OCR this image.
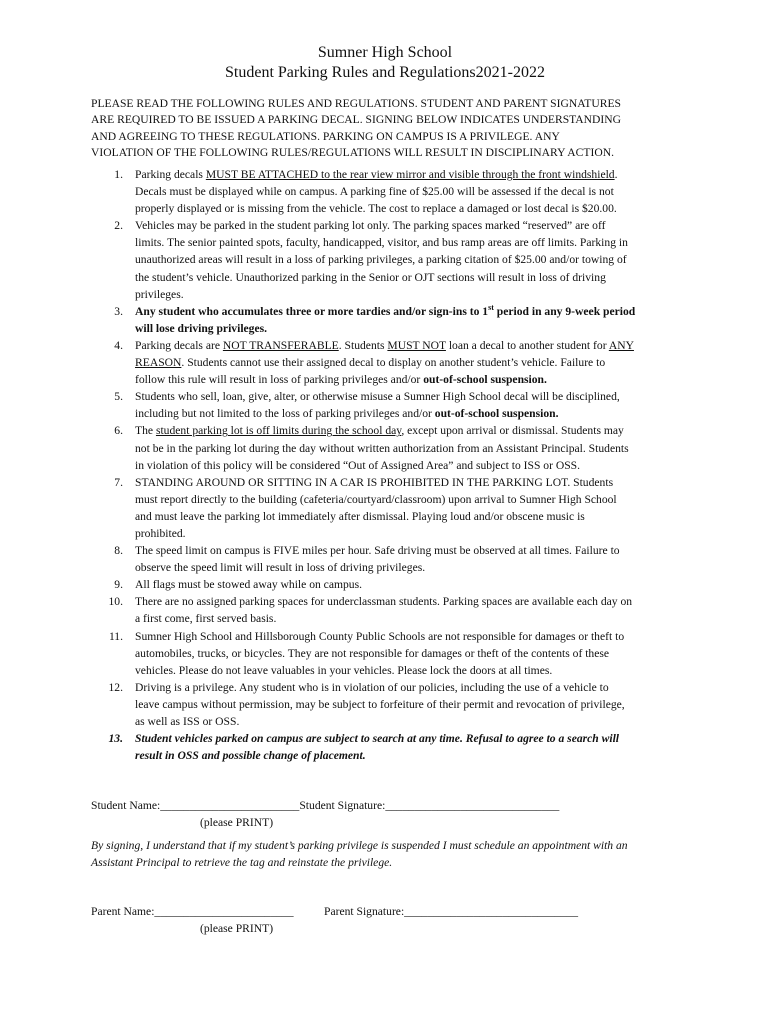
Sumner High School
Student Parking Rules and Regulations2021-2022
PLEASE READ THE FOLLOWING RULES AND REGULATIONS. STUDENT AND PARENT SIGNATURES
ARE REQUIRED TO BE ISSUED A PARKING DECAL. SIGNING BELOW INDICATES UNDERSTANDING
AND AGREEING TO THESE REGULATIONS. PARKING ON CAMPUS IS A PRIVILEGE. ANY
VIOLATION OF THE FOLLOWING RULES/REGULATIONS WILL RESULT IN DISCIPLINARY ACTION.
1. Parking decals MUST BE ATTACHED to the rear view mirror and visible through the front windshield.
Decals must be displayed while on campus. A parking fine of $25.00 will be assessed if the decal is not
properly displayed or is missing from the vehicle. The cost to replace a damaged or lost decal is $20.00.
2. Vehicles may be parked in the student parking lot only. The parking spaces marked “reserved” are off
limits. The senior painted spots, faculty, handicapped, visitor, and bus ramp areas are off limits. Parking in
unauthorized areas will result in a loss of parking privileges, a parking citation of $25.00 and/or towing of
the student’s vehicle. Unauthorized parking in the Senior or OJT sections will result in loss of driving
privileges.
3. Any student who accumulates three or more tardies and/or sign-ins to 1st period in any 9-week period
will lose driving privileges.
4. Parking decals are NOT TRANSFERABLE. Students MUST NOT loan a decal to another student for ANY
REASON. Students cannot use their assigned decal to display on another student’s vehicle. Failure to
follow this rule will result in loss of parking privileges and/or out-of-school suspension.
5. Students who sell, loan, give, alter, or otherwise misuse a Sumner High School decal will be disciplined,
including but not limited to the loss of parking privileges and/or out-of-school suspension.
6. The student parking lot is off limits during the school day, except upon arrival or dismissal. Students may
not be in the parking lot during the day without written authorization from an Assistant Principal. Students
in violation of this policy will be considered “Out of Assigned Area” and subject to ISS or OSS.
7. STANDING AROUND OR SITTING IN A CAR IS PROHIBITED IN THE PARKING LOT. Students
must report directly to the building (cafeteria/courtyard/classroom) upon arrival to Sumner High School
and must leave the parking lot immediately after dismissal. Playing loud and/or obscene music is
prohibited.
8. The speed limit on campus is FIVE miles per hour. Safe driving must be observed at all times. Failure to
observe the speed limit will result in loss of driving privileges.
9. All flags must be stowed away while on campus.
10. There are no assigned parking spaces for underclassman students. Parking spaces are available each day on
a first come, first served basis.
11. Sumner High School and Hillsborough County Public Schools are not responsible for damages or theft to
automobiles, trucks, or bicycles. They are not responsible for damages or theft of the contents of these
vehicles. Please do not leave valuables in your vehicles. Please lock the doors at all times.
12. Driving is a privilege. Any student who is in violation of our policies, including the use of a vehicle to
leave campus without permission, may be subject to forfeiture of their permit and revocation of privilege,
as well as ISS or OSS.
13. Student vehicles parked on campus are subject to search at any time. Refusal to agree to a search will
result in OSS and possible change of placement.
Student Name:________________________Student Signature:______________________________
(please PRINT)
By signing, I understand that if my student’s parking privilege is suspended I must schedule an appointment with an
Assistant Principal to retrieve the tag and reinstate the privilege.
Parent Name:________________________	Parent Signature:______________________________
(please PRINT)
